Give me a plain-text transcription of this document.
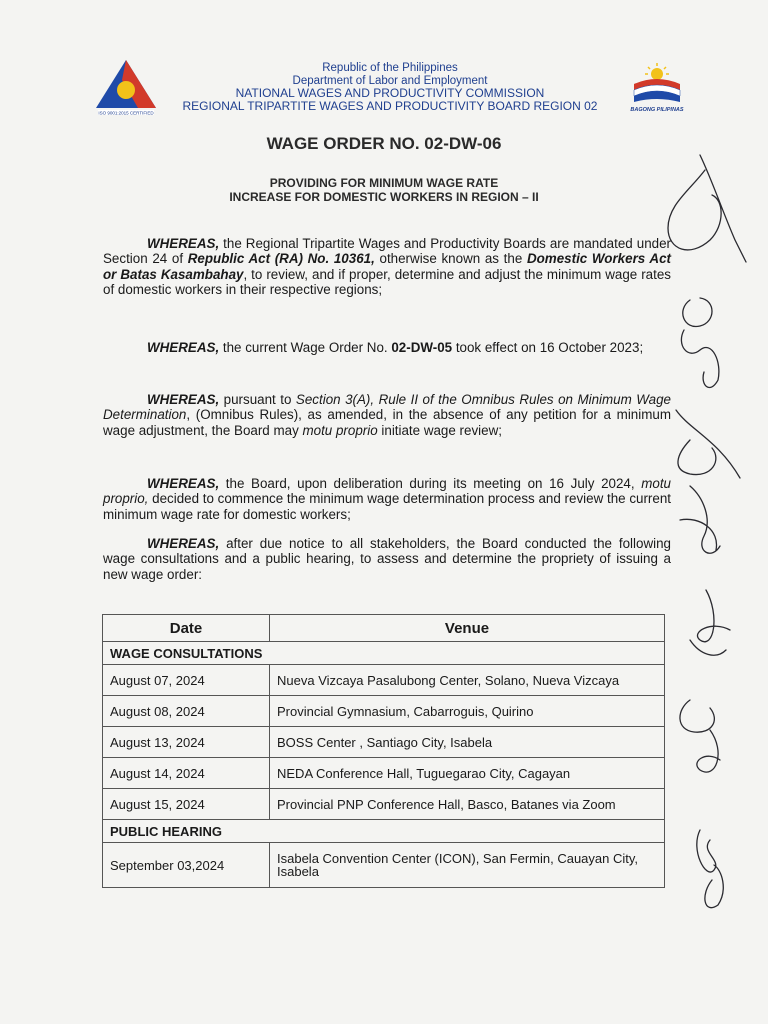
ISO 9001:2015 CERTIFIED
Republic of the Philippines
Department of Labor and Employment
NATIONAL WAGES AND PRODUCTIVITY COMMISSION
REGIONAL TRIPARTITE WAGES AND PRODUCTIVITY BOARD REGION 02	BAGONG PILIPINAS
WAGE ORDER NO. 02-DW-06
PROVIDING FOR MINIMUM WAGE RATE
INCREASE FOR DOMESTIC WORKERS IN REGION – II
WHEREAS, the Regional Tripartite Wages and Productivity Boards are mandated under Section 24 of Republic Act (RA) No. 10361, otherwise known as the Domestic Workers Act or Batas Kasambahay, to review, and if proper, determine and adjust the minimum wage rates of domestic workers in their respective regions;
WHEREAS, the current Wage Order No. 02-DW-05 took effect on 16 October 2023;
WHEREAS, pursuant to Section 3(A), Rule II of the Omnibus Rules on Minimum Wage Determination, (Omnibus Rules), as amended, in the absence of any petition for a minimum wage adjustment, the Board may motu proprio initiate wage review;
WHEREAS, the Board, upon deliberation during its meeting on 16 July 2024, motu proprio, decided to commence the minimum wage determination process and review the current minimum wage rate for domestic workers;
WHEREAS, after due notice to all stakeholders, the Board conducted the following wage consultations and a public hearing, to assess and determine the propriety of issuing a new wage order:
Date	Venue
WAGE CONSULTATIONS	
August 07, 2024	Nueva Vizcaya Pasalubong Center, Solano, Nueva Vizcaya
August 08, 2024	Provincial Gymnasium, Cabarroguis, Quirino
August 13, 2024	BOSS Center , Santiago City, Isabela
August 14, 2024	NEDA Conference Hall, Tuguegarao City, Cagayan
August 15, 2024	Provincial PNP Conference Hall, Basco, Batanes via Zoom
PUBLIC HEARING	
September 03,2024	Isabela Convention Center (ICON), San Fermin, Cauayan City, Isabela
